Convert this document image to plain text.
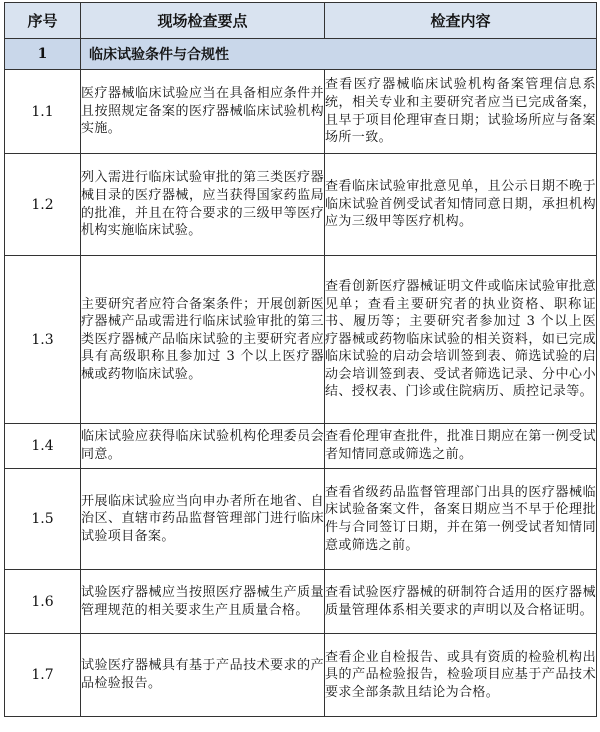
序号	现场检查要点	检查内容
1	临床试验条件与合规性	
1.1	医疗器械临床试验应当在具备相应条件并且按照规定备案的医疗器械临床试验机构实施。	查看医疗器械临床试验机构备案管理信息系统，相关专业和主要研究者应当已完成备案，且早于项目伦理审查日期；试验场所应与备案场所一致。
1.2	列入需进行临床试验审批的第三类医疗器械目录的医疗器械，应当获得国家药监局的批准，并且在符合要求的三级甲等医疗机构实施临床试验。	查看临床试验审批意见单，且公示日期不晚于临床试验首例受试者知情同意日期，承担机构应为三级甲等医疗机构。
1.3	主要研究者应符合备案条件；开展创新医疗器械产品或需进行临床试验审批的第三类医疗器械产品临床试验的主要研究者应具有高级职称且参加过 3 个以上医疗器械或药物临床试验。	查看创新医疗器械证明文件或临床试验审批意见单；查看主要研究者的执业资格、职称证书、履历等；主要研究者参加过 3 个以上医疗器械或药物临床试验的相关资料，如已完成临床试验的启动会培训签到表、筛选试验的启动会培训签到表、受试者筛选记录、分中心小结、授权表、门诊或住院病历、质控记录等。
1.4	临床试验应获得临床试验机构伦理委员会同意。	查看伦理审查批件，批准日期应在第一例受试者知情同意或筛选之前。
1.5	开展临床试验应当向申办者所在地省、自治区、直辖市药品监督管理部门进行临床试验项目备案。	查看省级药品监督管理部门出具的医疗器械临床试验备案文件，备案日期应当不早于伦理批件与合同签订日期，并在第一例受试者知情同意或筛选之前。
1.6	试验医疗器械应当按照医疗器械生产质量管理规范的相关要求生产且质量合格。	查看试验医疗器械的研制符合适用的医疗器械质量管理体系相关要求的声明以及合格证明。
1.7	试验医疗器械具有基于产品技术要求的产品检验报告。	查看企业自检报告、或具有资质的检验机构出具的产品检验报告，检验项目应基于产品技术要求全部条款且结论为合格。
